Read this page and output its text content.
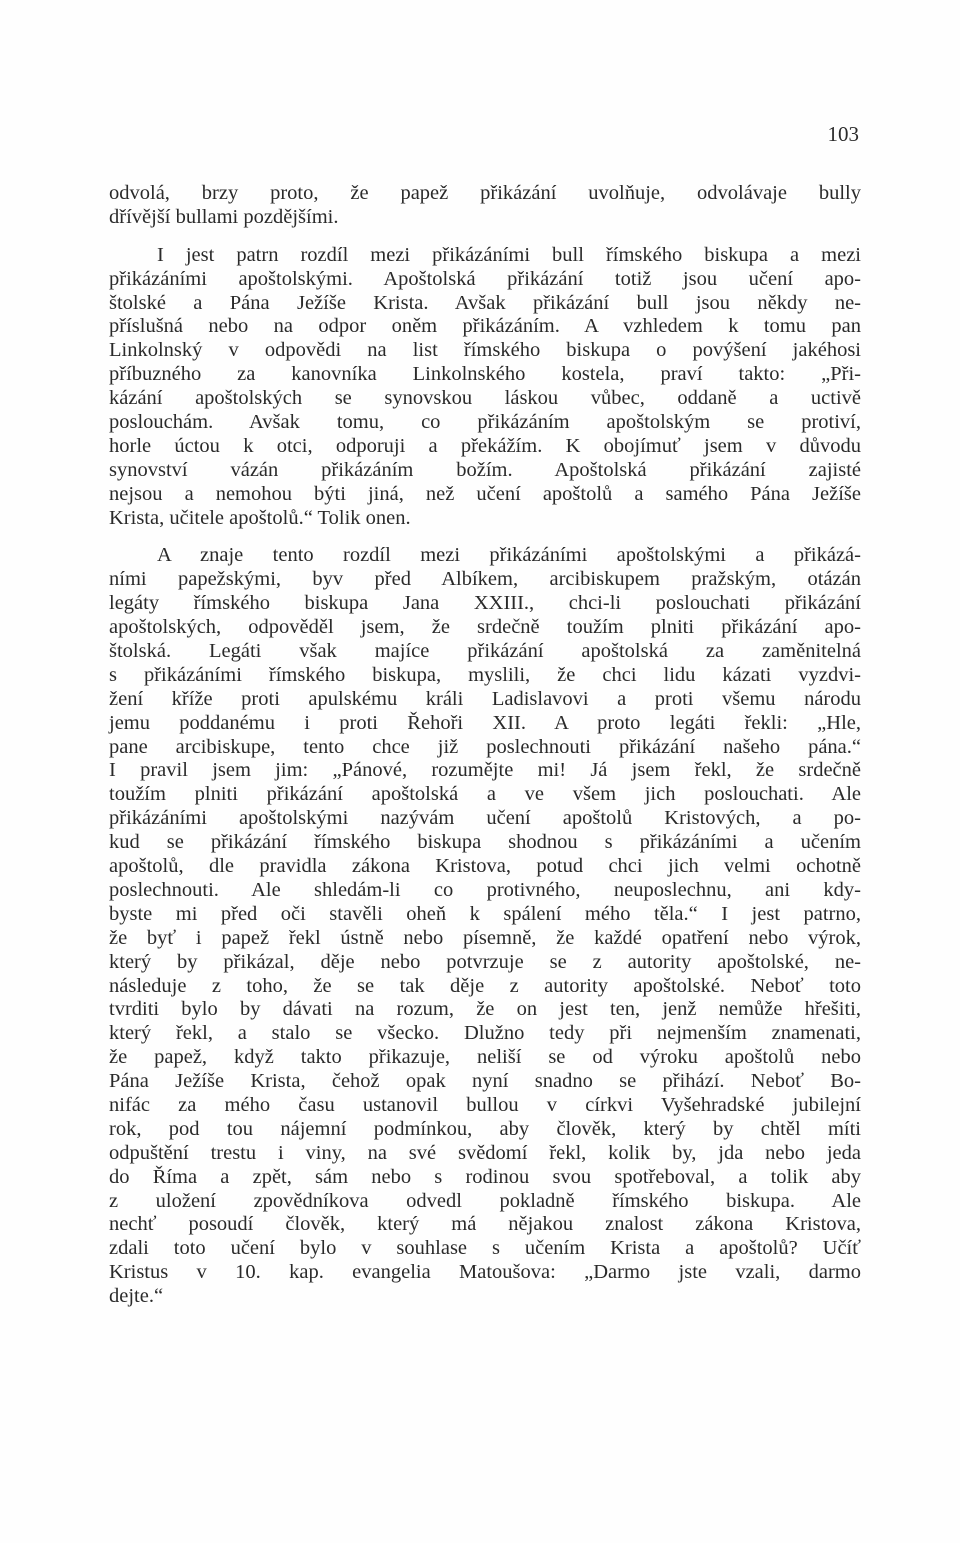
103
odvolá, brzy proto, že papež přikázání uvolňuje, odvolávaje bully
dřívější bullami pozdějšími.
I jest patrn rozdíl mezi přikázáními bull římského biskupa a mezi
přikázáními apoštolskými. Apoštolská přikázání totiž jsou učení apo-
štolské a Pána Ježíše Krista. Avšak přikázání bull jsou někdy ne-
příslušná nebo na odpor oněm přikázáním. A vzhledem k tomu pan
Linkolnský v odpovědi na list římského biskupa o povýšení jakéhosi
příbuzného za kanovníka Linkolnského kostela, praví takto: „Při-
kázání apoštolských se synovskou láskou vůbec, oddaně a uctivě
poslouchám. Avšak tomu, co přikázáním apoštolským se protiví,
horle úctou k otci, odporuji a překážím. K obojímuť jsem v důvodu
synovství vázán přikázáním božím. Apoštolská přikázání zajisté
nejsou a nemohou býti jiná, než učení apoštolů a samého Pána Ježíše
Krista, učitele apoštolů.“ Tolik onen.
A znaje tento rozdíl mezi přikázáními apoštolskými a přikázá-
ními papežskými, byv před Albíkem, arcibiskupem pražským, otázán
legáty římského biskupa Jana XXIII., chci-li poslouchati přikázání
apoštolských, odpověděl jsem, že srdečně toužím plniti přikázání apo-
štolská. Legáti však majíce přikázání apoštolská za zaměnitelná
s přikázáními římského biskupa, myslili, že chci lidu kázati vyzdvi-
žení kříže proti apulskému králi Ladislavovi a proti všemu národu
jemu poddanému i proti Řehoři XII. A proto legáti řekli: „Hle,
pane arcibiskupe, tento chce již poslechnouti přikázání našeho pána.“
I pravil jsem jim: „Pánové, rozumějte mi! Já jsem řekl, že srdečně
toužím plniti přikázání apoštolská a ve všem jich poslouchati. Ale
přikázáními apoštolskými nazývám učení apoštolů Kristových, a po-
kud se přikázání římského biskupa shodnou s přikázáními a učením
apoštolů, dle pravidla zákona Kristova, potud chci jich velmi ochotně
poslechnouti. Ale shledám-li co protivného, neuposlechnu, ani kdy-
byste mi před oči stavěli oheň k spálení mého těla.“ I jest patrno,
že byť i papež řekl ústně nebo písemně, že každé opatření nebo výrok,
který by přikázal, děje nebo potvrzuje se z autority apoštolské, ne-
následuje z toho, že se tak děje z autority apoštolské. Neboť toto
tvrditi bylo by dávati na rozum, že on jest ten, jenž nemůže hřešiti,
který řekl, a stalo se všecko. Dlužno tedy při nejmenším znamenati,
že papež, když takto přikazuje, neliší se od výroku apoštolů nebo
Pána Ježíše Krista, čehož opak nyní snadno se přihází. Neboť Bo-
nifác za mého času ustanovil bullou v církvi Vyšehradské jubilejní
rok, pod tou nájemní podmínkou, aby člověk, který by chtěl míti
odpuštění trestu i viny, na své svědomí řekl, kolik by, jda nebo jeda
do Říma a zpět, sám nebo s rodinou svou spotřeboval, a tolik aby
z uložení zpovědníkova odvedl pokladně římského biskupa. Ale
nechť posoudí člověk, který má nějakou znalost zákona Kristova,
zdali toto učení bylo v souhlase s učením Krista a apoštolů? Učíť
Kristus v 10. kap. evangelia Matoušova: „Darmo jste vzali, darmo
dejte.“
